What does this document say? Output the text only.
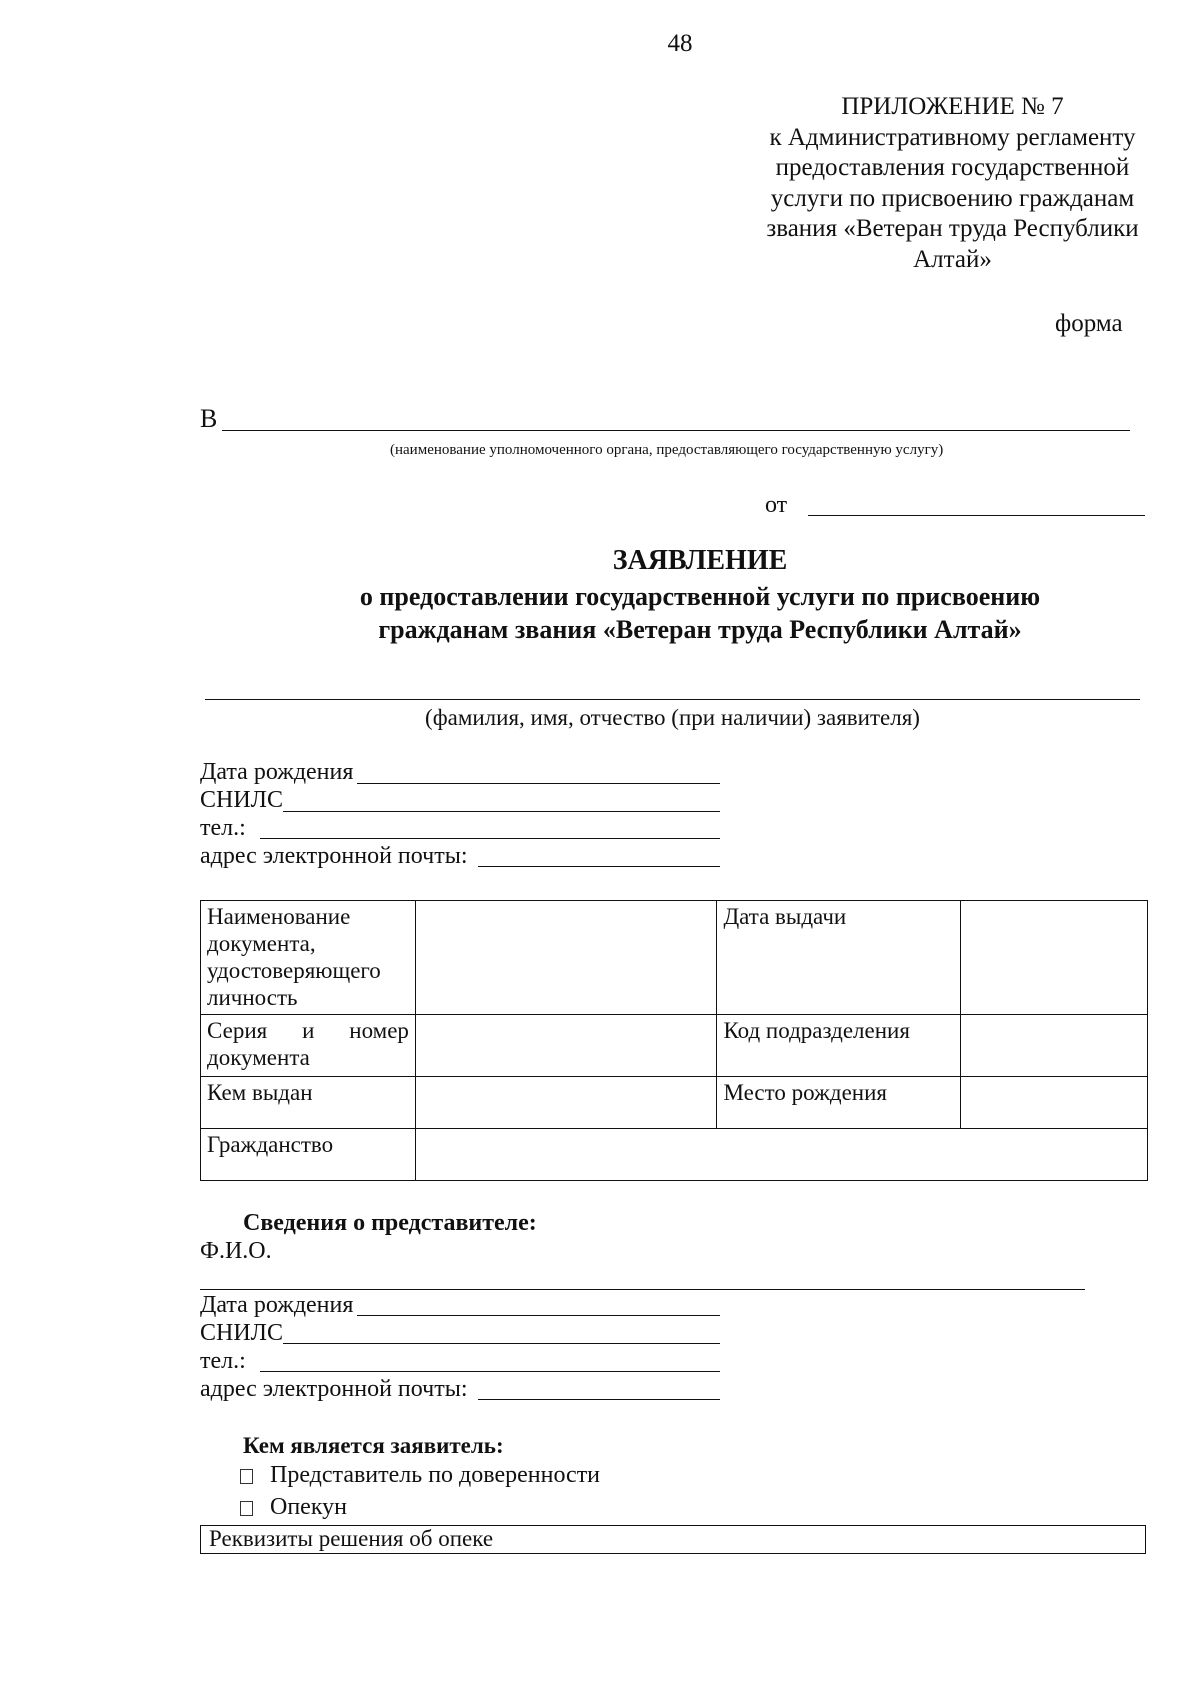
48
ПРИЛОЖЕНИЕ № 7
к Административному регламенту
предоставления государственной
услуги по присвоению гражданам
звания «Ветеран труда Республики
Алтай»
форма
В
(наименование уполномоченного органа, предоставляющего государственную услугу)
от
ЗАЯВЛЕНИЕ
о предоставлении государственной услуги по присвоению
гражданам звания «Ветеран труда Республики Алтай»
(фамилия, имя, отчество (при наличии) заявителя)
Дата рождения
СНИЛС
тел.:
адрес электронной почты:
Наименование
документа,
удостоверяющего
личность		Дата выдачи	

Серия и номер
документа		Код подразделения	
Кем выдан		Место рождения	
Гражданство			
Сведения о представителе:
Ф.И.О.
Дата рождения
СНИЛС
тел.:
адрес электронной почты:
Кем является заявитель:
Представитель по доверенности
Опекун
Реквизиты решения об опеке
